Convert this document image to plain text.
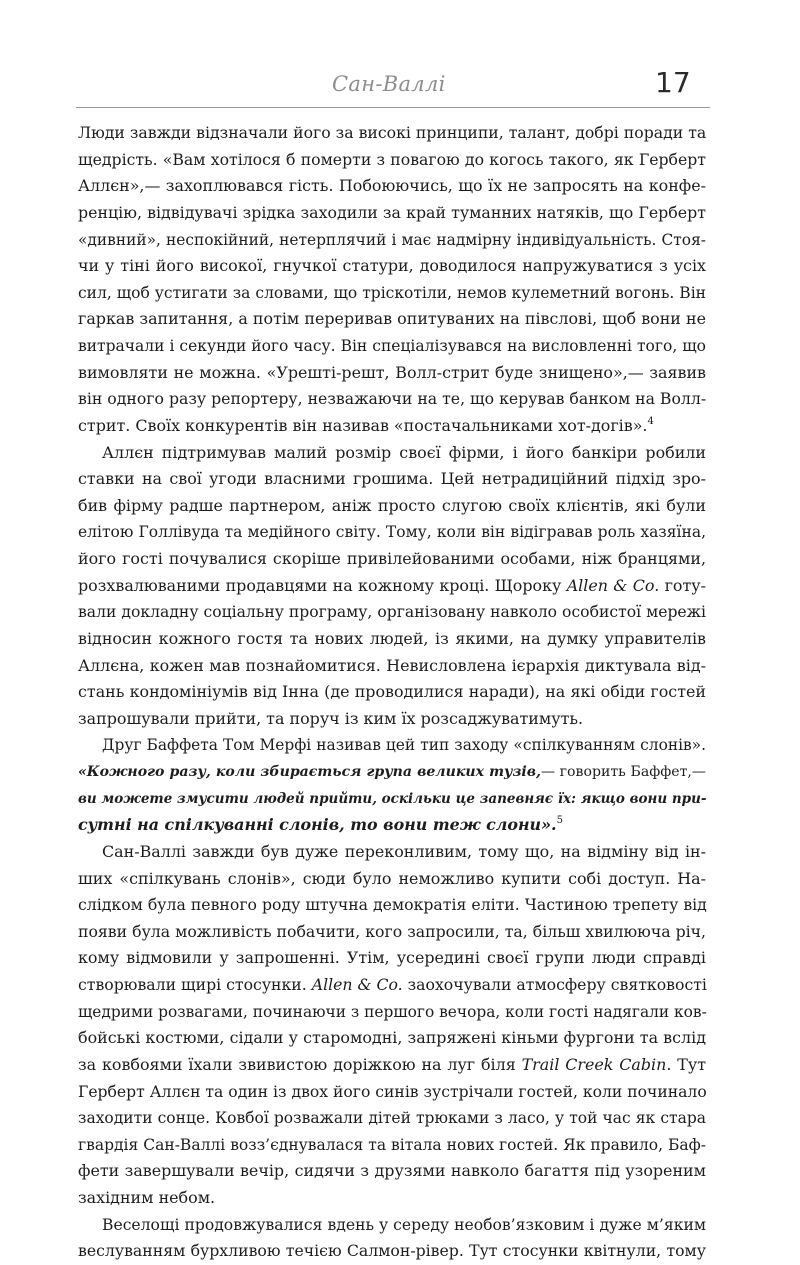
Сан-Валлі	17
Люди завжди відзначали його за високі принципи, талант, добрі поради та
щедрість. «Вам хотілося б померти з повагою до когось такого, як Герберт
Аллєн»,— захоплювався гість. Побоюючись, що їх не запросять на конфе-
ренцію, відвідувачі зрідка заходили за край туманних натяків, що Герберт
«дивний», неспокійний, нетерплячий і має надмірну індивідуальність. Стоя-
чи у тіні його високої, гнучкої статури, доводилося напружуватися з усіх
сил, щоб устигати за словами, що тріскотіли, немов кулеметний вогонь. Він
гаркав запитання, а потім переривав опитуваних на півслові, щоб вони не
витрачали і секунди його часу. Він спеціалізувався на висловленні того, що
вимовляти не можна. «Урешті-решт, Волл-стрит буде знищено»,— заявив
він одного разу репортеру, незважаючи на те, що керував банком на Волл-
стрит. Своїх конкурентів він називав «постачальниками хот-догів».$^4$
Аллєн підтримував малий розмір своєї фірми, і його банкіри робили
ставки на свої угоди власними грошима. Цей нетрадиційний підхід зро-
бив фірму радше партнером, аніж просто слугою своїх клієнтів, які були
елітою Голлівуда та медійного світу. Тому, коли він відігравав роль хазяїна,
його гості почувалися скоріше привілейованими особами, ніж бранцями,
розхвалюваними продавцями на кожному кроці. Щороку Allen & Co. готу-
вали докладну соціальну програму, організовану навколо особистої мережі
відносин кожного гостя та нових людей, із якими, на думку управителів
Аллєна, кожен мав познайомитися. Невисловлена ієрархія диктувала від-
стань кондомініумів від Інна (де проводилися наради), на які обіди гостей
запрошували прийти, та поруч із ким їх розсаджуватимуть.
Друг Баффета Том Мерфі називав цей тип заходу «спілкуванням слонів».
«Кожного разу, коли збирається група великих тузів,— говорить Баффет,—
ви можете змусити людей прийти, оскільки це запевняє їх: якщо вони при-
сутні на спілкуванні слонів, то вони теж слони».$^5$
Сан-Валлі завжди був дуже переконливим, тому що, на відміну від ін-
ших «спілкувань слонів», сюди було неможливо купити собі доступ. На-
слідком була певного роду штучна демократія еліти. Частиною трепету від
появи була можливість побачити, кого запросили, та, більш хвилююча річ,
кому відмовили у запрошенні. Утім, усередині своєї групи люди справді
створювали щирі стосунки. Allen & Co. заохочували атмосферу святковості
щедрими розвагами, починаючи з першого вечора, коли гості надягали ков-
бойські костюми, сідали у старомодні, запряжені кіньми фургони та вслід
за ковбоями їхали звивистою доріжкою на луг біля Trail Creek Cabin. Тут
Герберт Аллєн та один із двох його синів зустрічали гостей, коли починало
заходити сонце. Ковбої розважали дітей трюками з ласо, у той час як стара
гвардія Сан-Валлі возз’єднувалася та вітала нових гостей. Як правило, Баф-
фети завершували вечір, сидячи з друзями навколо багаття під узореним
західним небом.
Веселощі продовжувалися вдень у середу необов’язковим і дуже м’яким
веслуванням бурхливою течією Салмон-рівер. Тут стосунки квітнули, тому
